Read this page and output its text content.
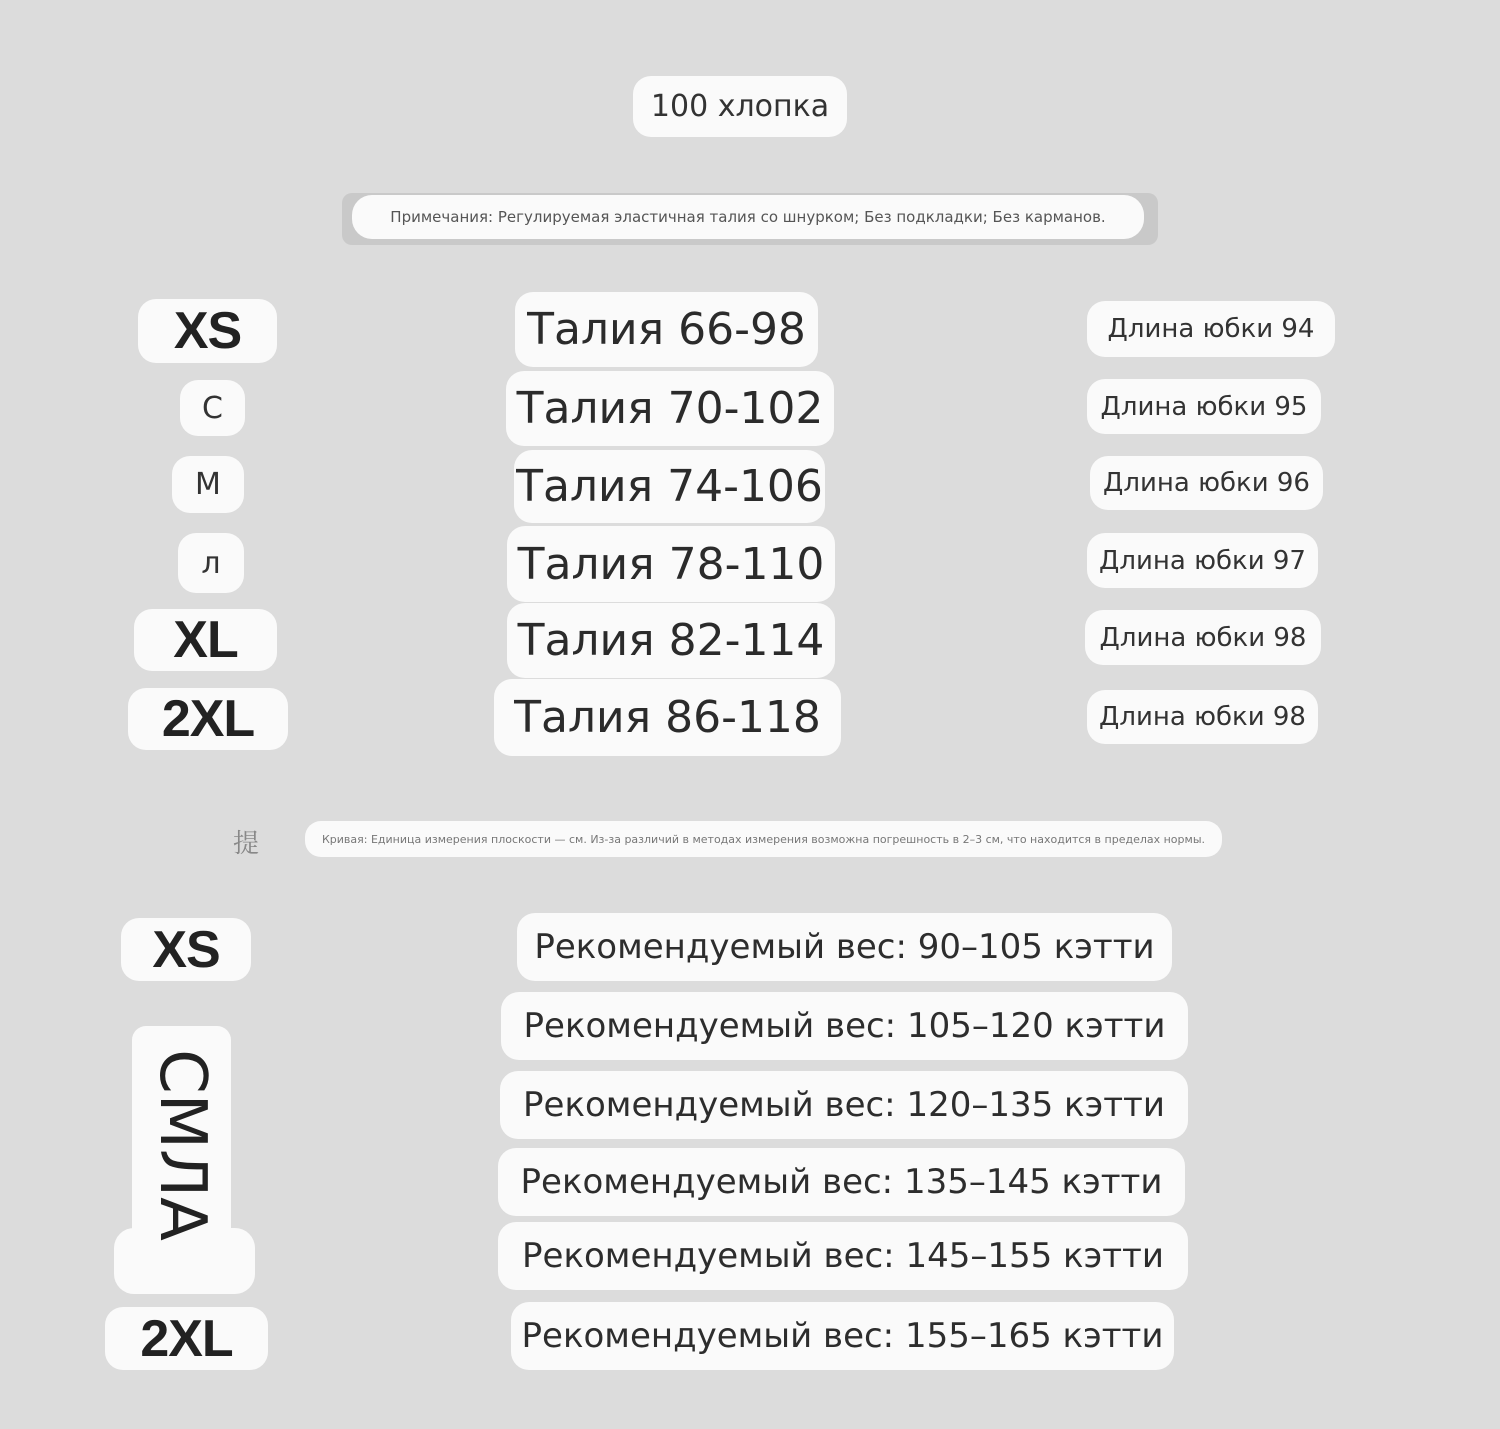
100 хлопка
Примечания: Регулируемая эластичная талия со шнурком; Без подкладки; Без карманов.
XS
С
М
л
XL
2XL
Талия 66-98
Талия 70-102
Талия 74-106
Талия 78-110
Талия 82-114
Талия 86-118
Длина юбки 94
Длина юбки 95
Длина юбки 96
Длина юбки 97
Длина юбки 98
Длина юбки 98
提	Кривая: Единица измерения плоскости — см. Из-за различий в методах измерения возможна погрешность в 2–3 см, что находится в пределах нормы.
XS
СМЛА
2XL
Рекомендуемый вес: 90–105 кэтти
Рекомендуемый вес: 105–120 кэтти
Рекомендуемый вес: 120–135 кэтти
Рекомендуемый вес: 135–145 кэтти
Рекомендуемый вес: 145–155 кэтти
Рекомендуемый вес: 155–165 кэтти
